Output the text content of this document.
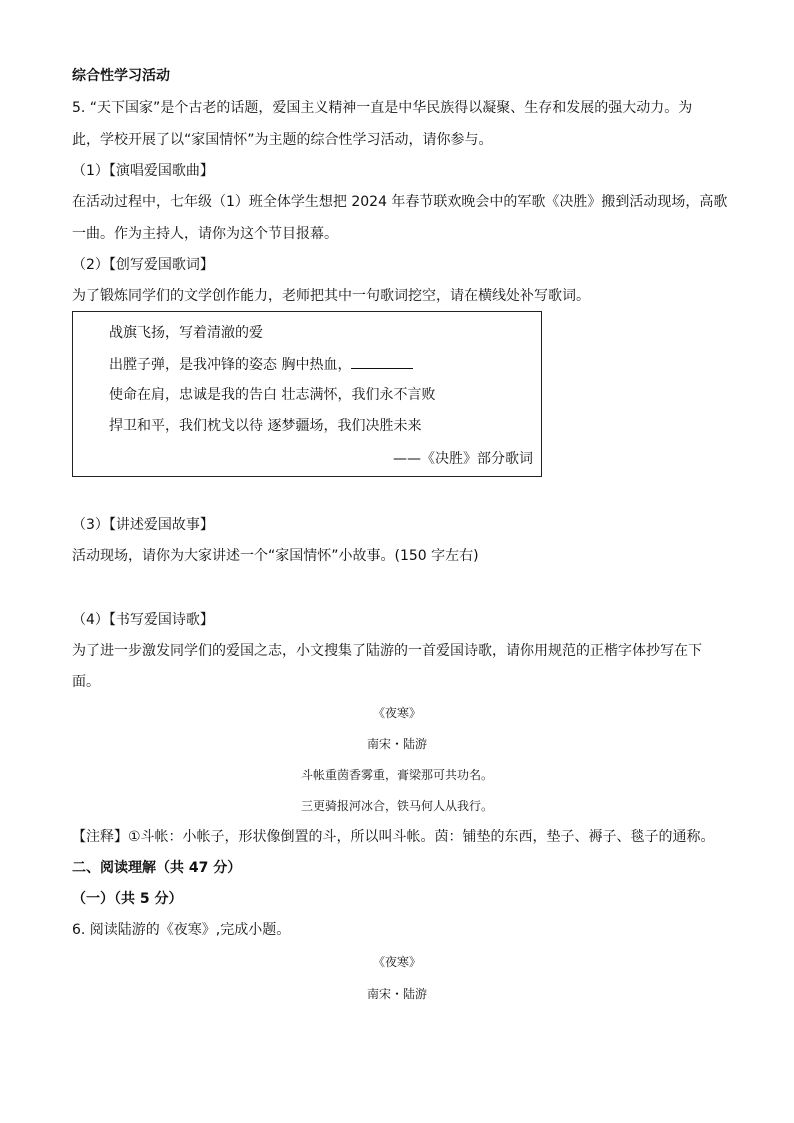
综合性学习活动
5. “天下国家”是个古老的话题，爱国主义精神一直是中华民族得以凝聚、生存和发展的强大动力。为
此，学校开展了以“家国情怀”为主题的综合性学习活动，请你参与。
（1）【演唱爱国歌曲】
在活动过程中，七年级（1）班全体学生想把 2024 年春节联欢晚会中的军歌《决胜》搬到活动现场，高歌
一曲。作为主持人，请你为这个节目报幕。
（2）【创写爱国歌词】
为了锻炼同学们的文学创作能力，老师把其中一句歌词挖空，请在横线处补写歌词。
战旗飞扬，写着清澈的爱
出膛子弹，是我冲锋的姿态 胸中热血，
使命在肩，忠诚是我的告白 壮志满怀，我们永不言败
捍卫和平，我们枕戈以待 逐梦疆场，我们决胜未来
——《决胜》部分歌词
（3）【讲述爱国故事】
活动现场，请你为大家讲述一个“家国情怀”小故事。(150 字左右)
（4）【书写爱国诗歌】
为了进一步激发同学们的爱国之志，小文搜集了陆游的一首爱国诗歌，请你用规范的正楷字体抄写在下
面。
《夜寒》
南宋・陆游
斗帐重茵香雾重，膏梁那可共功名。
三更骑报河冰合，铁马何人从我行。
【注释】①斗帐：小帐子，形状像倒置的斗，所以叫斗帐。茵：铺垫的东西，垫子、褥子、毯子的通称。
二、阅读理解（共 47 分）
（一）（共 5 分）
6. 阅读陆游的《夜寒》,完成小题。
《夜寒》
南宋・陆游
